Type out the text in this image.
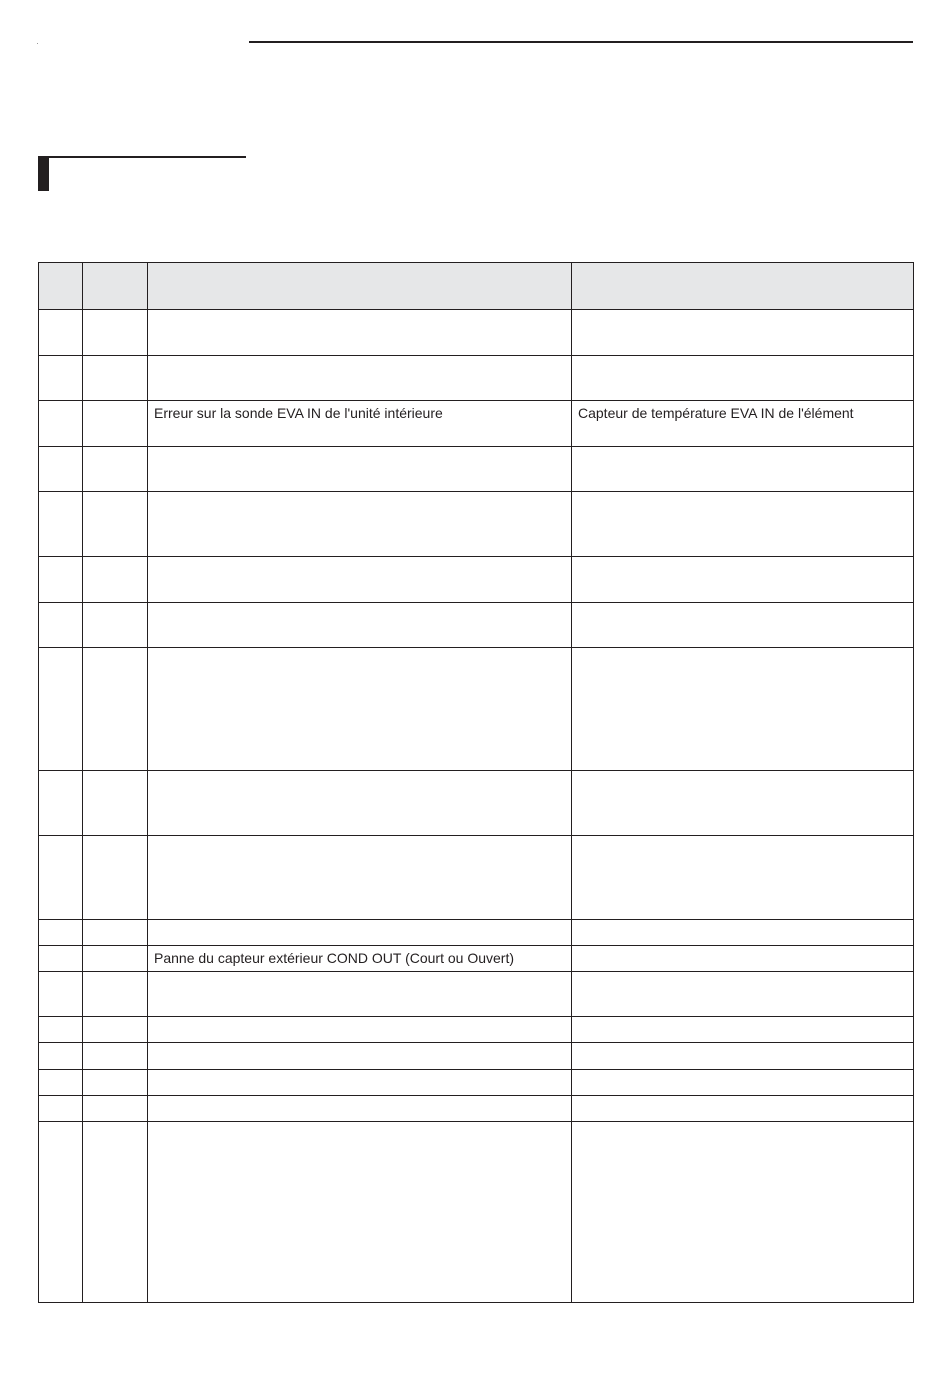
		Erreur sur la sonde EVA IN de l'unité intérieure	Capteur de température EVA IN de l'élément

		Panne du capteur extérieur COND OUT (Court ou Ouvert)	
